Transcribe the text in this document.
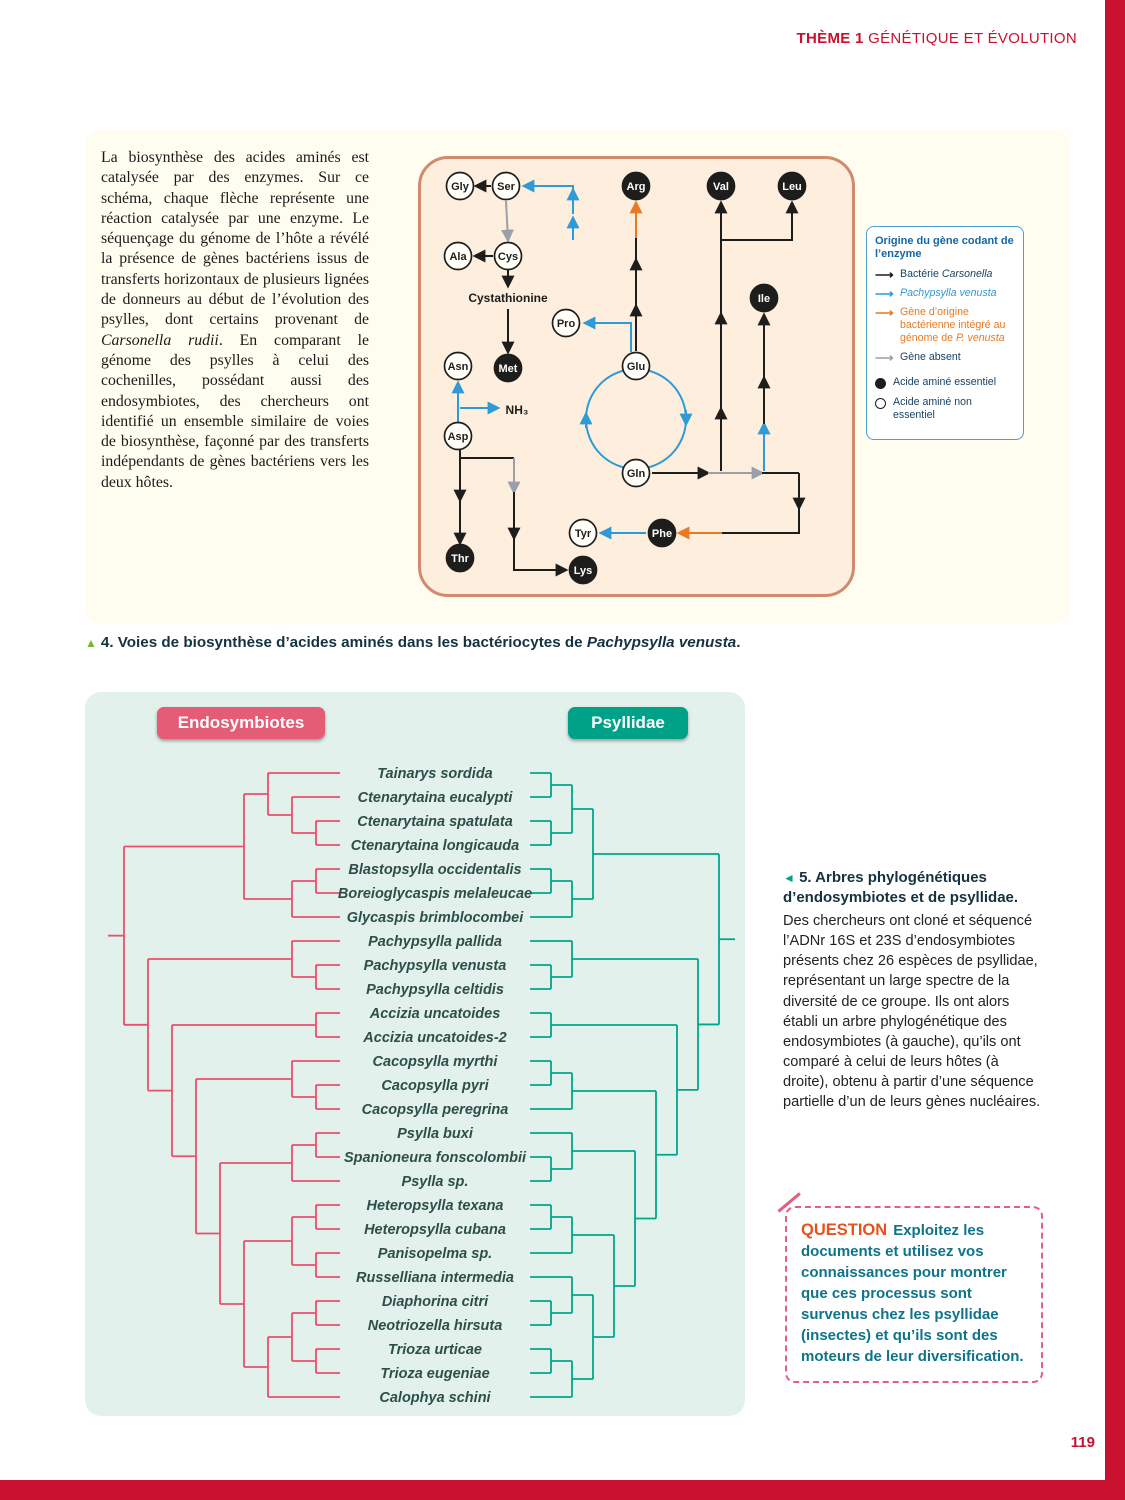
THÈME 1 GÉNÉTIQUE ET ÉVOLUTION
119

La biosynthèse des acides aminés est catalysée par des enzymes. Sur ce schéma, chaque flèche représente une réaction catalysée par une enzyme. Le séquençage du génome de l’hôte a révélé la présence de gènes bactériens issus de transferts horizontaux de plusieurs lignées de donneurs au début de l’évolution des psylles, dont certains provenant de Carsonella rudii. En comparant le génome des psylles à celui des cochenilles, possédant aussi des endosymbiotes, des chercheurs ont identifié un ensemble similaire de voies de biosynthèse, façonné par des transferts indépendants de gènes bactériens vers les deux hôtes.

Cystathionine
NH₃
Gly	Ser	Arg	Val	Leu
Ala	Cys
Pro
Ile
Asn	Met	Glu
Asp
Gln
Tyr	Phe
Thr
Lys
Origine du gène codant de l’enzyme
⟶ Bactérie Carsonella
⟶ Pachypsylla venusta
⟶ Gène d’origine bactérienne intégré au génome de P. venusta
⟶ Gène absent
Acide aminé essentiel
Acide aminé non essentiel

▲ 4. Voies de biosynthèse d’acides aminés dans les bactériocytes de Pachypsylla venusta.

Tainarys sordida
Ctenarytaina eucalypti
Ctenarytaina spatulata
Ctenarytaina longicauda
Blastopsylla occidentalis
Boreioglycaspis melaleucae
Glycaspis brimblocombei
Pachypsylla pallida
Pachypsylla venusta
Pachypsylla celtidis
Accizia uncatoides
Accizia uncatoides-2
Cacopsylla myrthi
Cacopsylla pyri
Cacopsylla peregrina
Psylla buxi
Spanioneura fonscolombii
Psylla sp.
Heteropsylla texana
Heteropsylla cubana
Panisopelma sp.
Russelliana intermedia
Diaphorina citri
Neotriozella hirsuta
Trioza urticae
Trioza eugeniae
Calophya schini
Endosymbiotes	Psyllidae
◄ 5. Arbres phylogénétiques d’endosymbiotes et de psyllidae.

Des chercheurs ont cloné et séquencé l’ADNr 16S et 23S d’endosymbiotes présents chez 26 espèces de psyllidae, représentant un large spectre de la diversité de ce groupe. Ils ont alors établi un arbre phylogénétique des endosymbiotes (à gauche), qu’ils ont comparé à celui de leurs hôtes (à droite), obtenu à partir d’une séquence partielle d’un de leurs gènes nucléaires.

QUESTION Exploitez les documents et utilisez vos connaissances pour montrer que ces processus sont survenus chez les psyllidae (insectes) et qu’ils sont des moteurs de leur diversification.
